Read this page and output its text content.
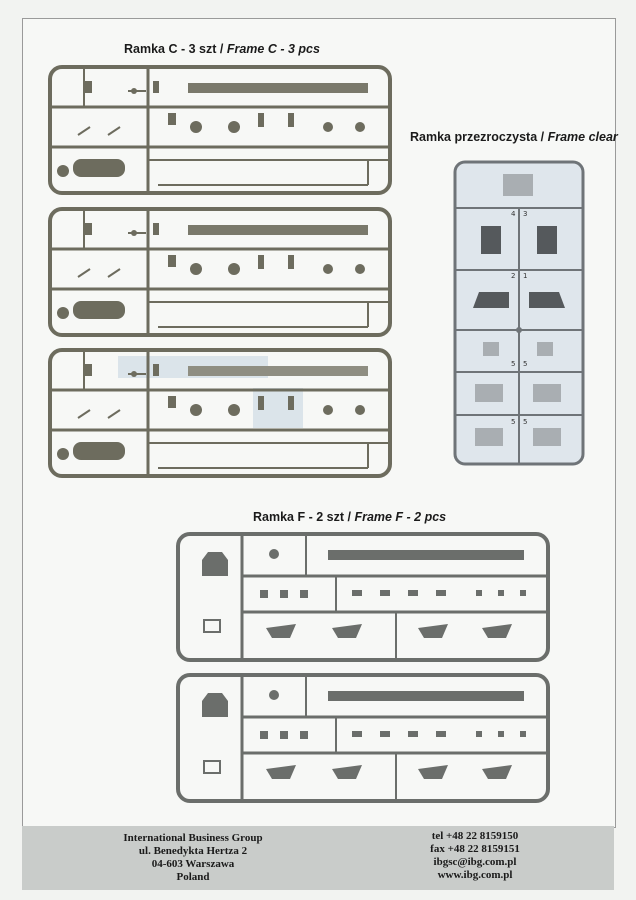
Ramka C - 3 szt / Frame C - 3 pcs
Ramka przezroczysta / Frame clear
Ramka F - 2 szt / Frame F - 2 pcs
4 3
2 1
5 5
5 5
International Business Group
ul. Benedykta Hertza 2
04-603 Warszawa
Poland
tel +48 22 8159150
fax +48 22 8159151
ibgsc@ibg.com.pl
www.ibg.com.pl
